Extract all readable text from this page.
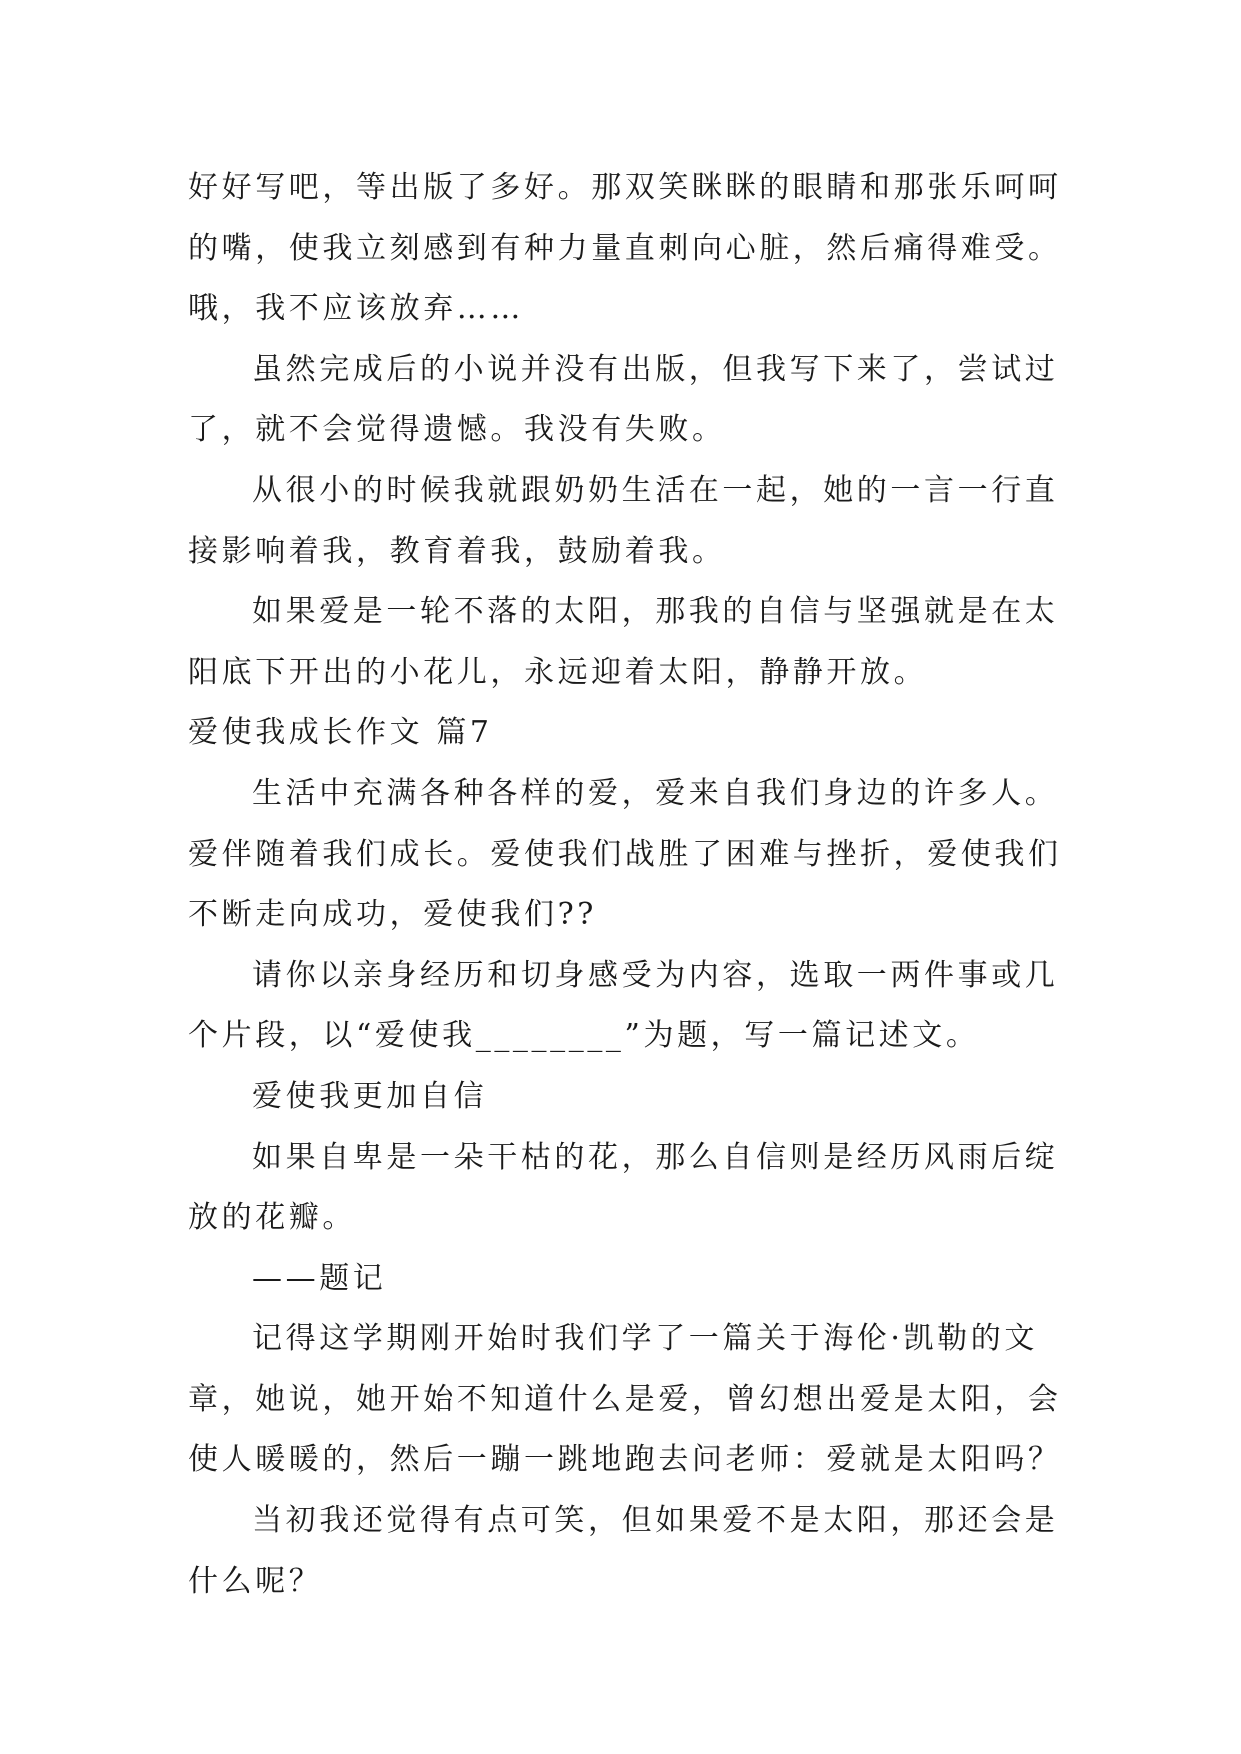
好好写吧，等出版了多好。那双笑眯眯的眼睛和那张乐呵呵
的嘴，使我立刻感到有种力量直刺向心脏，然后痛得难受。
哦，我不应该放弃……
虽然完成后的小说并没有出版，但我写下来了，尝试过
了，就不会觉得遗憾。我没有失败。
从很小的时候我就跟奶奶生活在一起，她的一言一行直
接影响着我，教育着我，鼓励着我。
如果爱是一轮不落的太阳，那我的自信与坚强就是在太
阳底下开出的小花儿，永远迎着太阳，静静开放。
爱使我成长作文 篇7
生活中充满各种各样的爱，爱来自我们身边的许多人。
爱伴随着我们成长。爱使我们战胜了困难与挫折，爱使我们
不断走向成功，爱使我们??
请你以亲身经历和切身感受为内容，选取一两件事或几
个片段，以“爱使我________”为题，写一篇记述文。
爱使我更加自信
如果自卑是一朵干枯的花，那么自信则是经历风雨后绽
放的花瓣。
——题记
记得这学期刚开始时我们学了一篇关于海伦·凯勒的文
章，她说，她开始不知道什么是爱，曾幻想出爱是太阳，会
使人暖暖的，然后一蹦一跳地跑去问老师：爱就是太阳吗？
当初我还觉得有点可笑，但如果爱不是太阳，那还会是
什么呢？
